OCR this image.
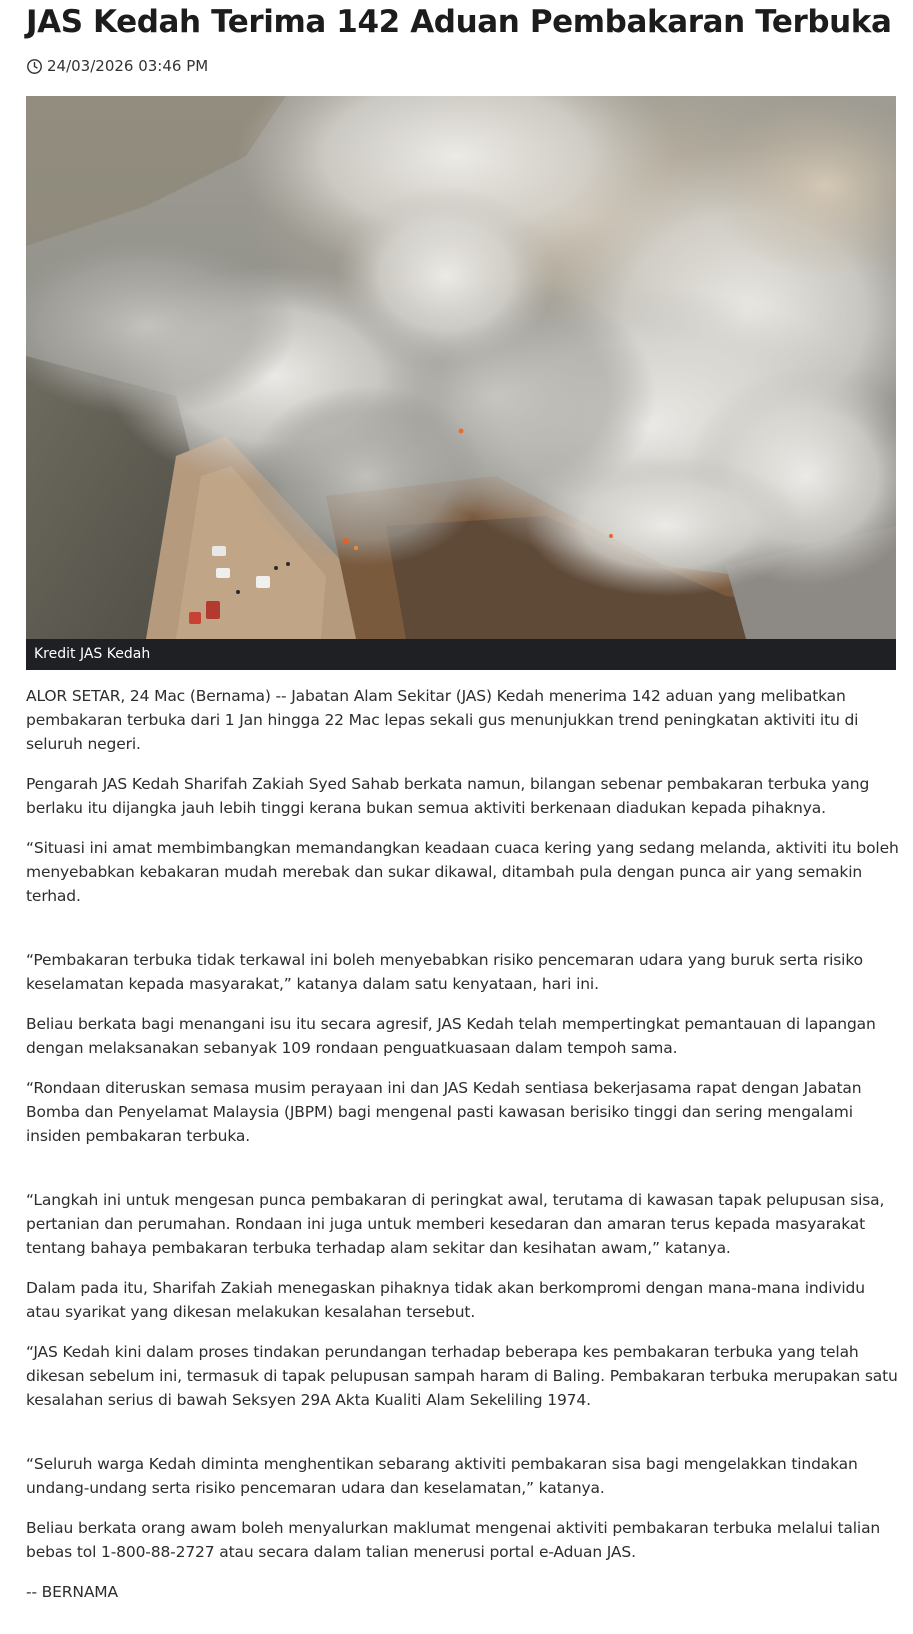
JAS Kedah Terima 142 Aduan Pembakaran Terbuka
24/03/2026 03:46 PM
Kredit JAS Kedah

ALOR SETAR, 24 Mac (Bernama) -- Jabatan Alam Sekitar (JAS) Kedah menerima 142 aduan yang melibatkan pembakaran terbuka dari 1 Jan hingga 22 Mac lepas sekali gus menunjukkan trend peningkatan aktiviti itu di seluruh negeri.

Pengarah JAS Kedah Sharifah Zakiah Syed Sahab berkata namun, bilangan sebenar pembakaran terbuka yang berlaku itu dijangka jauh lebih tinggi kerana bukan semua aktiviti berkenaan diadukan kepada pihaknya.

“Situasi ini amat membimbangkan memandangkan keadaan cuaca kering yang sedang melanda, aktiviti itu boleh menyebabkan kebakaran mudah merebak dan sukar dikawal, ditambah pula dengan punca air yang semakin terhad.

“Pembakaran terbuka tidak terkawal ini boleh menyebabkan risiko pencemaran udara yang buruk serta risiko keselamatan kepada masyarakat,” katanya dalam satu kenyataan, hari ini.

Beliau berkata bagi menangani isu itu secara agresif, JAS Kedah telah mempertingkat pemantauan di lapangan dengan melaksanakan sebanyak 109 rondaan penguatkuasaan dalam tempoh sama.

“Rondaan diteruskan semasa musim perayaan ini dan JAS Kedah sentiasa bekerjasama rapat dengan Jabatan Bomba dan Penyelamat Malaysia (JBPM) bagi mengenal pasti kawasan berisiko tinggi dan sering mengalami insiden pembakaran terbuka.

“Langkah ini untuk mengesan punca pembakaran di peringkat awal, terutama di kawasan tapak pelupusan sisa, pertanian dan perumahan. Rondaan ini juga untuk memberi kesedaran dan amaran terus kepada masyarakat tentang bahaya pembakaran terbuka terhadap alam sekitar dan kesihatan awam,” katanya.

Dalam pada itu, Sharifah Zakiah menegaskan pihaknya tidak akan berkompromi dengan mana-mana individu atau syarikat yang dikesan melakukan kesalahan tersebut.

“JAS Kedah kini dalam proses tindakan perundangan terhadap beberapa kes pembakaran terbuka yang telah dikesan sebelum ini, termasuk di tapak pelupusan sampah haram di Baling. Pembakaran terbuka merupakan satu kesalahan serius di bawah Seksyen 29A Akta Kualiti Alam Sekeliling 1974.

“Seluruh warga Kedah diminta menghentikan sebarang aktiviti pembakaran sisa bagi mengelakkan tindakan undang-undang serta risiko pencemaran udara dan keselamatan,” katanya.

Beliau berkata orang awam boleh menyalurkan maklumat mengenai aktiviti pembakaran terbuka melalui talian bebas tol 1-800-88-2727 atau secara dalam talian menerusi portal e-Aduan JAS.

-- BERNAMA
